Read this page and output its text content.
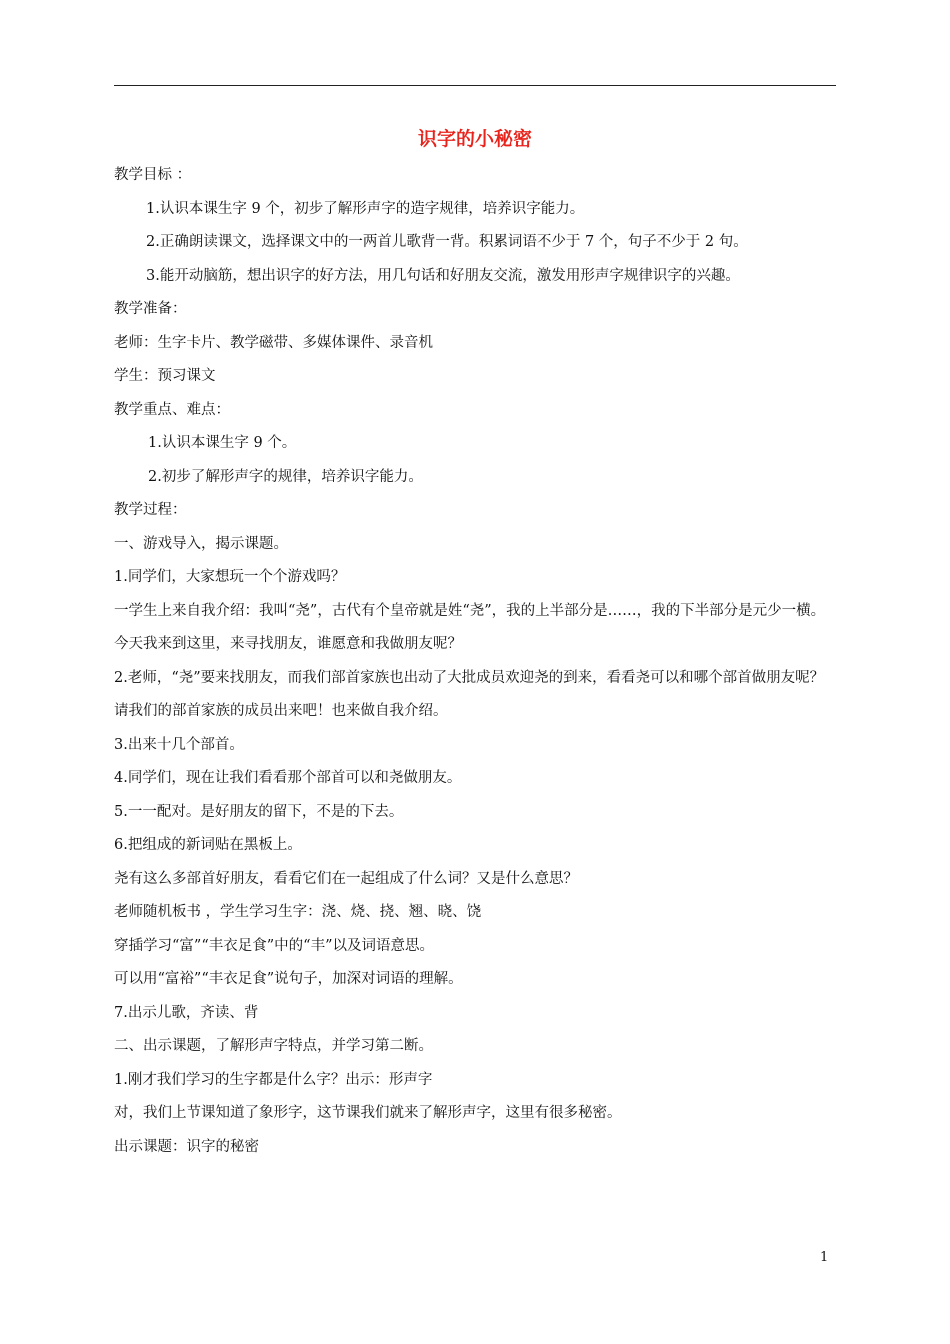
识字的小秘密
教学目标 ：
1.认识本课生字 9 个，初步了解形声字的造字规律，培养识字能力。
2.正确朗读课文，选择课文中的一两首儿歌背一背。积累词语不少于 7 个，句子不少于 2 句。
3.能开动脑筋，想出识字的好方法，用几句话和好朋友交流，激发用形声字规律识字的兴趣。
教学准备：
老师：生字卡片、教学磁带、多媒体课件、录音机
学生：预习课文
教学重点、难点：
1.认识本课生字 9 个。
2.初步了解形声字的规律，培养识字能力。
教学过程：
一、游戏导入，揭示课题。
1.同学们，大家想玩一个个游戏吗？
一学生上来自我介绍：我叫“尧”，古代有个皇帝就是姓“尧”，我的上半部分是……，我的下半部分是元少一横。今天我来到这里，来寻找朋友，谁愿意和我做朋友呢？
2.老师，“尧”要来找朋友，而我们部首家族也出动了大批成员欢迎尧的到来，看看尧可以和哪个部首做朋友呢？
请我们的部首家族的成员出来吧！也来做自我介绍。
3.出来十几个部首。
4.同学们，现在让我们看看那个部首可以和尧做朋友。
5.一一配对。是好朋友的留下，不是的下去。
6.把组成的新词贴在黑板上。
尧有这么多部首好朋友，看看它们在一起组成了什么词？又是什么意思？
老师随机板书 ，学生学习生字：浇、烧、挠、翘、晓、饶
穿插学习“富”“丰衣足食”中的“丰”以及词语意思。
可以用“富裕”“丰衣足食”说句子，加深对词语的理解。
7.出示儿歌，齐读、背
二、出示课题，了解形声字特点，并学习第二断。
1.刚才我们学习的生字都是什么字？出示：形声字
对，我们上节课知道了象形字，这节课我们就来了解形声字，这里有很多秘密。
出示课题：识字的秘密
1
